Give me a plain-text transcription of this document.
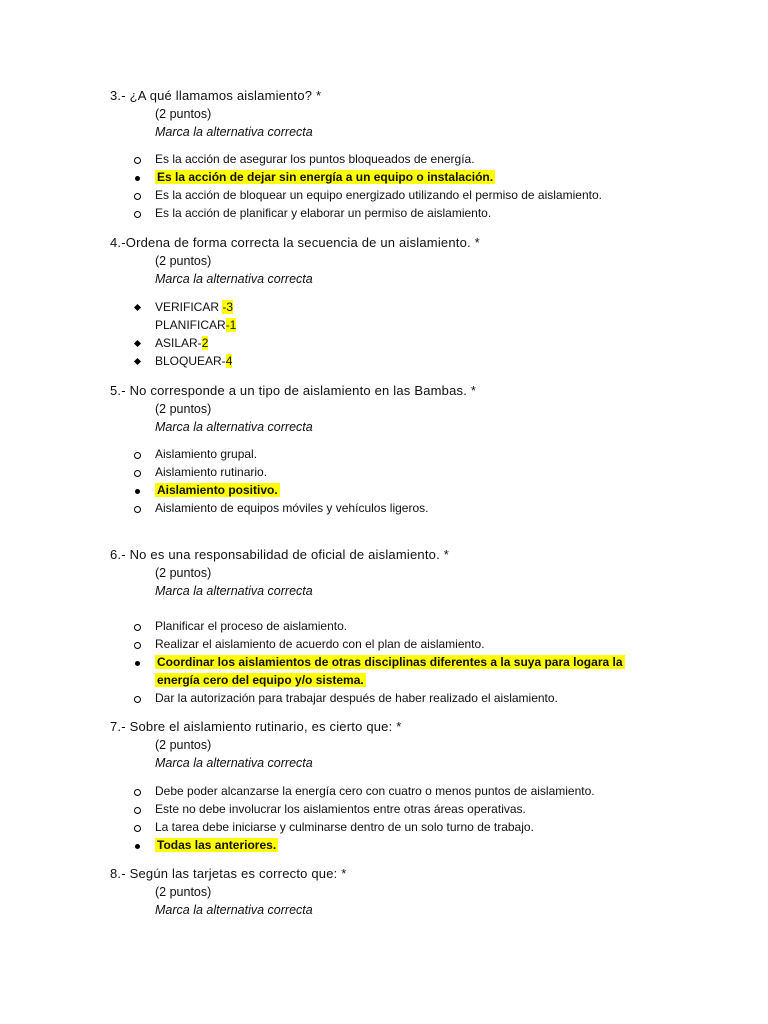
3.- ¿A qué llamamos aislamiento? *
(2 puntos)
Marca la alternativa correcta
Es la acción de asegurar los puntos bloqueados de energía.
Es la acción de dejar sin energía a un equipo o instalación.
Es la acción de bloquear un equipo energizado utilizando el permiso de aislamiento.
Es la acción de planificar y elaborar un permiso de aislamiento.
4.-Ordena de forma correcta la secuencia de un aislamiento. *
(2 puntos)
Marca la alternativa correcta
VERIFICAR -3
PLANIFICAR-1
ASILAR-2
BLOQUEAR-4
5.- No corresponde a un tipo de aislamiento en las Bambas. *
(2 puntos)
Marca la alternativa correcta
Aislamiento grupal.
Aislamiento rutinario.
Aislamiento positivo.
Aislamiento de equipos móviles y vehículos ligeros.
6.- No es una responsabilidad de oficial de aislamiento. *
(2 puntos)
Marca la alternativa correcta
Planificar el proceso de aislamiento.
Realizar el aislamiento de acuerdo con el plan de aislamiento.
Coordinar los aislamientos de otras disciplinas diferentes a la suya para logara la
energía cero del equipo y/o sistema.
Dar la autorización para trabajar después de haber realizado el aislamiento.
7.- Sobre el aislamiento rutinario, es cierto que: *
(2 puntos)
Marca la alternativa correcta
Debe poder alcanzarse la energía cero con cuatro o menos puntos de aislamiento.
Este no debe involucrar los aislamientos entre otras áreas operativas.
La tarea debe iniciarse y culminarse dentro de un solo turno de trabajo.
Todas las anteriores.
8.- Según las tarjetas es correcto que: *
(2 puntos)
Marca la alternativa correcta
